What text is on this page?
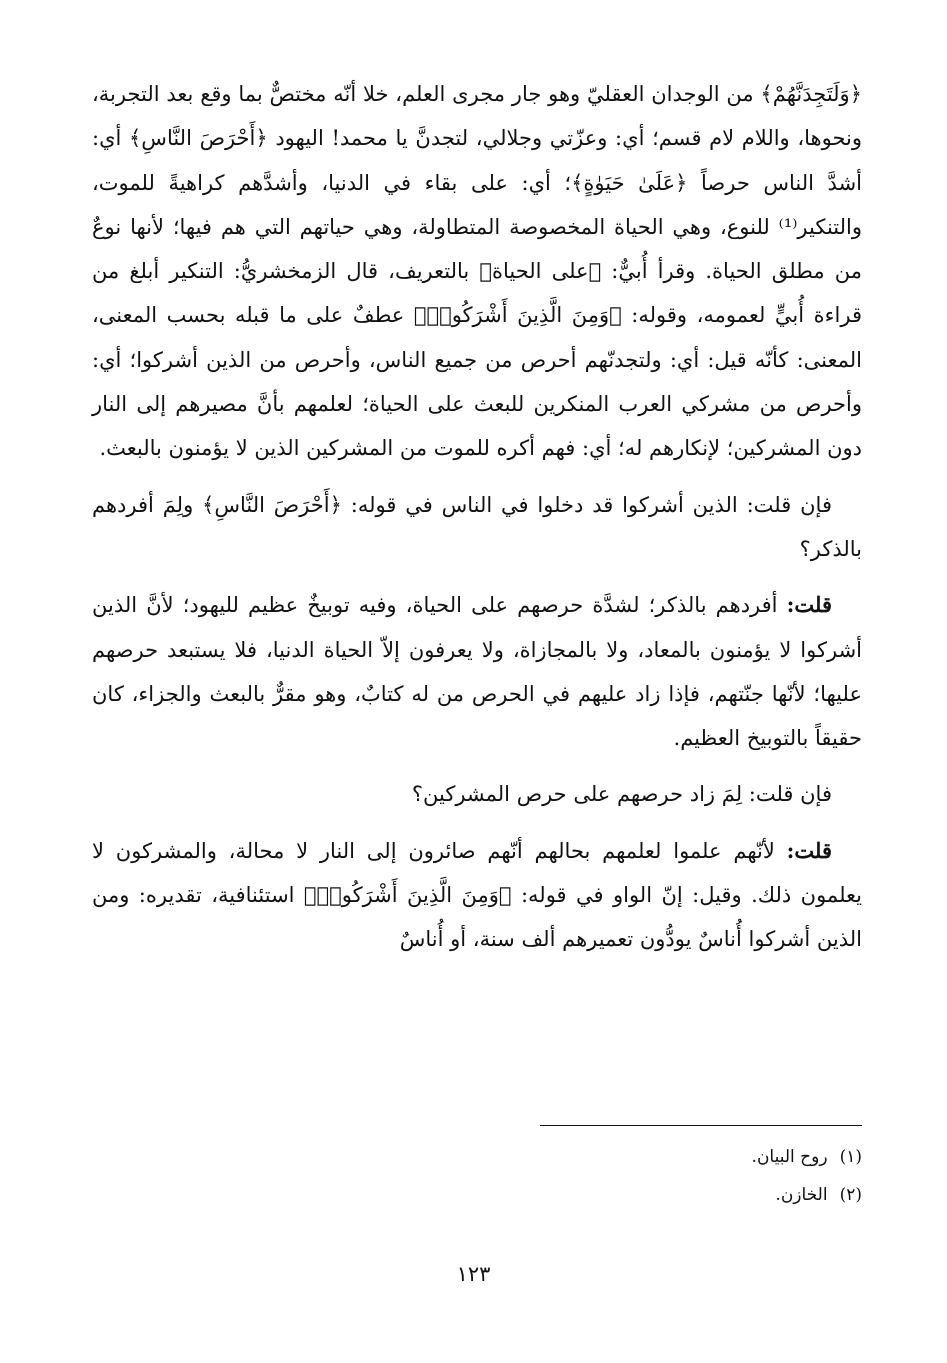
﴿وَلَتَجِدَنَّهُمْ﴾ من الوجدان العقليّ وهو جار مجرى العلم، خلا أنّه مختصٌّ بما وقع بعد التجربة، ونحوها، واللام لام قسم؛ أي: وعزّتي وجلالي، لتجدنَّ يا محمد! اليهود ﴿أَحْرَصَ النَّاسِ﴾ أي: أشدَّ الناس حرصاً ﴿عَلَىٰ حَيَوٰةٍ﴾؛ أي: على بقاء في الدنيا، وأشدَّهم كراهيةً للموت، والتنكير⁽¹⁾ للنوع، وهي الحياة المخصوصة المتطاولة، وهي حياتهم التي هم فيها؛ لأنها نوعٌ من مطلق الحياة. وقرأ أُبيٌّ: ﴿على الحياة﴾ بالتعريف، قال الزمخشريُّ: التنكير أبلغ من قراءة أُبيٍّ لعمومه، وقوله: ﴿وَمِنَ الَّذِينَ أَشْرَكُوا۟﴾ عطفٌ على ما قبله بحسب المعنى، المعنى: كأنّه قيل: أي: ولتجدنّهم أحرص من جميع الناس، وأحرص من الذين أشركوا؛ أي: وأحرص من مشركي العرب المنكرين للبعث على الحياة؛ لعلمهم بأنَّ مصيرهم إلى النار دون المشركين؛ لإنكارهم له؛ أي: فهم أكره للموت من المشركين الذين لا يؤمنون بالبعث.

فإن قلت: الذين أشركوا قد دخلوا في الناس في قوله: ﴿أَحْرَصَ النَّاسِ﴾ ولِمَ أفردهم بالذكر؟

قلت: أفردهم بالذكر؛ لشدَّة حرصهم على الحياة، وفيه توبيخٌ عظيم لليهود؛ لأنَّ الذين أشركوا لا يؤمنون بالمعاد، ولا بالمجازاة، ولا يعرفون إلاّ الحياة الدنيا، فلا يستبعد حرصهم عليها؛ لأنّها جنّتهم، فإذا زاد عليهم في الحرص من له كتابٌ، وهو مقرٌّ بالبعث والجزاء، كان حقيقاً بالتوبيخ العظيم.

فإن قلت: لِمَ زاد حرصهم على حرص المشركين؟

قلت: لأنّهم علموا لعلمهم بحالهم أنّهم صائرون إلى النار لا محالة، والمشركون لا يعلمون ذلك. وقيل: إنّ الواو في قوله: ﴿وَمِنَ الَّذِينَ أَشْرَكُوا۟﴾ استئنافية، تقديره: ومن الذين أشركوا أُناسٌ يودُّون تعميرهم ألف سنة، أو أُناسٌ

(١)روح البيان.

(٢)الخازن.

١٢٣
